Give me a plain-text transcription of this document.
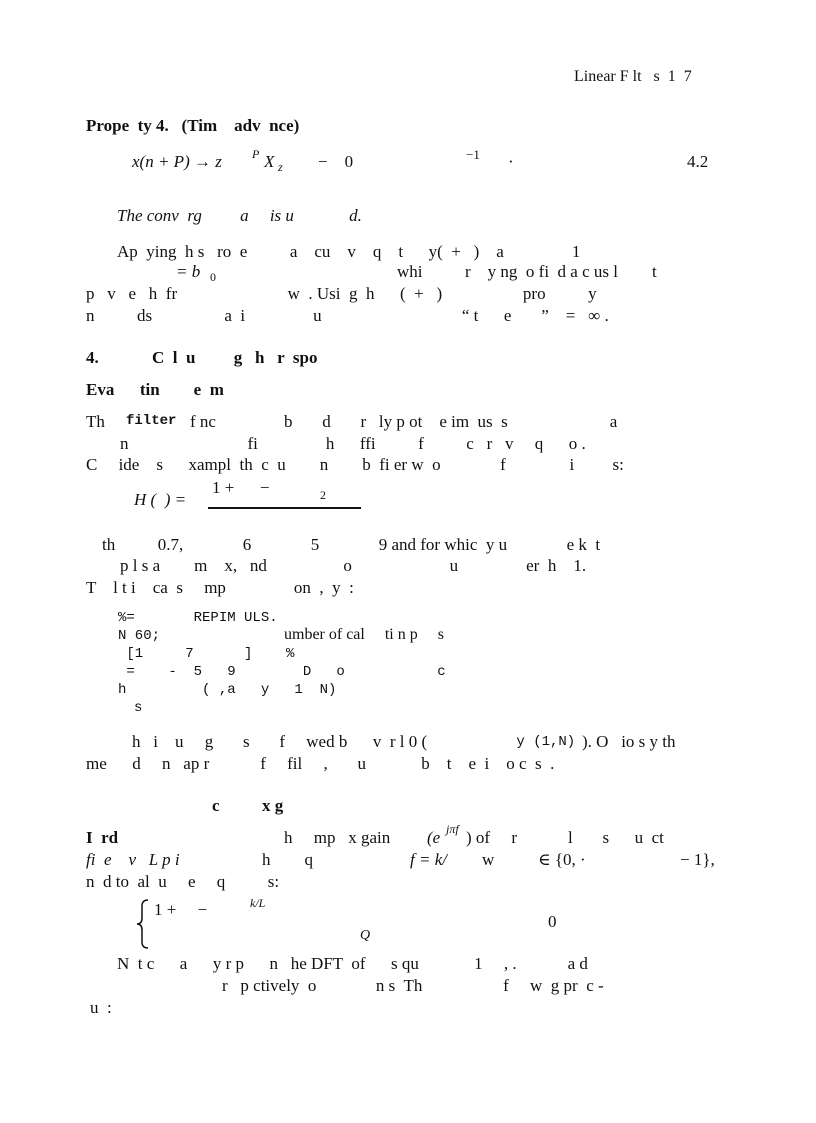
Linear F lt   s  1  7
Prope  ty 4.   (Tim    adv  nce)
x(n + P) → z	P X z −    0	−1 ·	4.2
The conv  rg         a     is u             d.
Ap  ying  h s   ro  e          a    cu    v    q    t      y(  +   )    a                1
= b 0	whi          r    y ng  o fi  d a c us l        t
p   v   e   h  fr                          w  . Usi  g  h      (  +   )                   pro          y
n          ds                 a  i                u                                 “ t      e       ”    =   ∞ .
4.	C  l  u         g   h   r  spo
Eva      tin        e  m
Th filter f nc                b       d       r   ly p ot    e im  us  s                        a
n                            fi                h      ffi          f          c   r   v     q      o .
C     ide    s      xampl  th  c  u        n        b  fi er w  o              f               i         s:
H (  ) =
1 +      − 2
th          0.7,              6              5              9 and for whic  y u              e k  t
p l s a        m    x,   nd                  o                       u                er  h    1.
T    l t i    ca  s     mp                on  ,  y  :
%=       REPIM ULS.
N 60;	umber of cal     ti n p     s
[1     7      ]    %
=    -  5   9        D   o           c
h         ( ,a   y   1  N)
s
h   i    u     g       s       f     wed b      v  r l 0 (	y (1,N) ). O   io s y th
me      d     n   ap r            f     fil     ,       u             b    t    e  i    o c  s  .
c          x g
I  rd	h     mp   x gain (e jπf ) of     r            l       s      u  ct
fi  e    v   L p i	h        q	f = k/ w	∈ {0, ·	− 1},
n  d to  al  u     e     q          s:
1 +     −	k/L
0
Q
N  t c      a      y r p      n   he DFT  of      s qu             1     , .            a d
r   p ctively  o              n s  Th                   f     w  g pr  c -
u  :
